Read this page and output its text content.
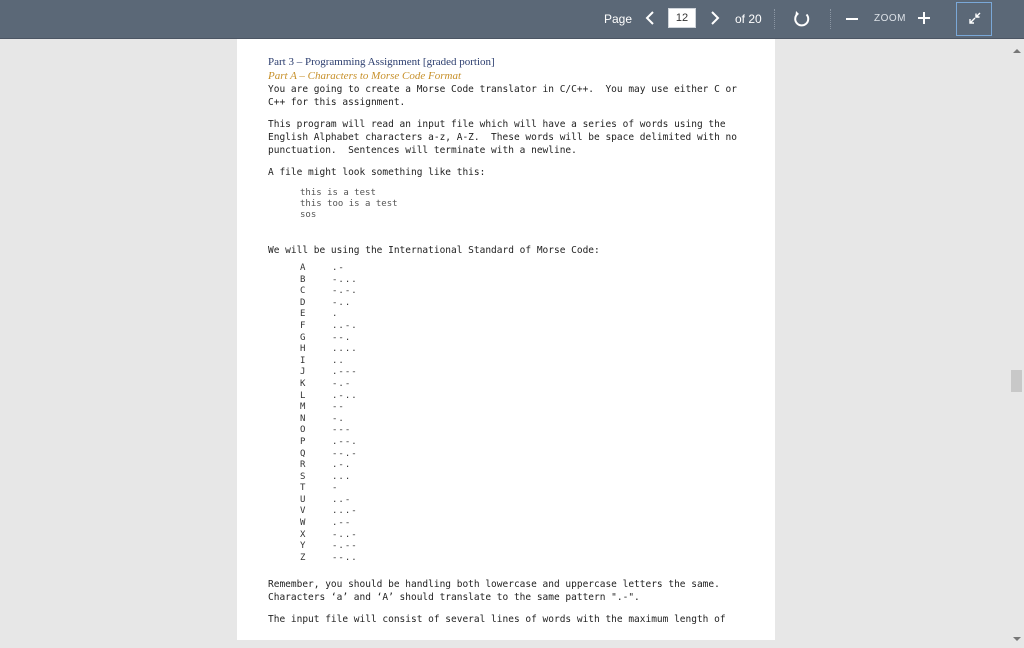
Page
12	of 20	ZOOM

Part 3 – Programming Assignment [graded portion]

Part A – Characters to Morse Code Format

You are going to create a Morse Code translator in C/C++.  You may use either C or C++ for this assignment.

This program will read an input file which will have a series of words using the English Alphabet characters a-z, A-Z.  These words will be space delimited with no punctuation.  Sentences will terminate with a newline.

A file might look something like this:

this is a test
this too is a test
sos

We will be using the International Standard of Morse Code:

A	.-
B	-...
C	-.-.
D	-..
E	.
F	..-.
G	--.
H	....
I	..
J	.---
K	-.-
L	.-..
M	--
N	-.
O	---
P	.--.
Q	--.-
R	.-.
S	...
T	-
U	..-
V	...-
W	.--
X	-..-
Y	-.--
Z	--..

Remember, you should be handling both lowercase and uppercase letters the same. Characters ‘a’ and ‘A’ should translate to the same pattern ".-".

The input file will consist of several lines of words with the maximum length of
